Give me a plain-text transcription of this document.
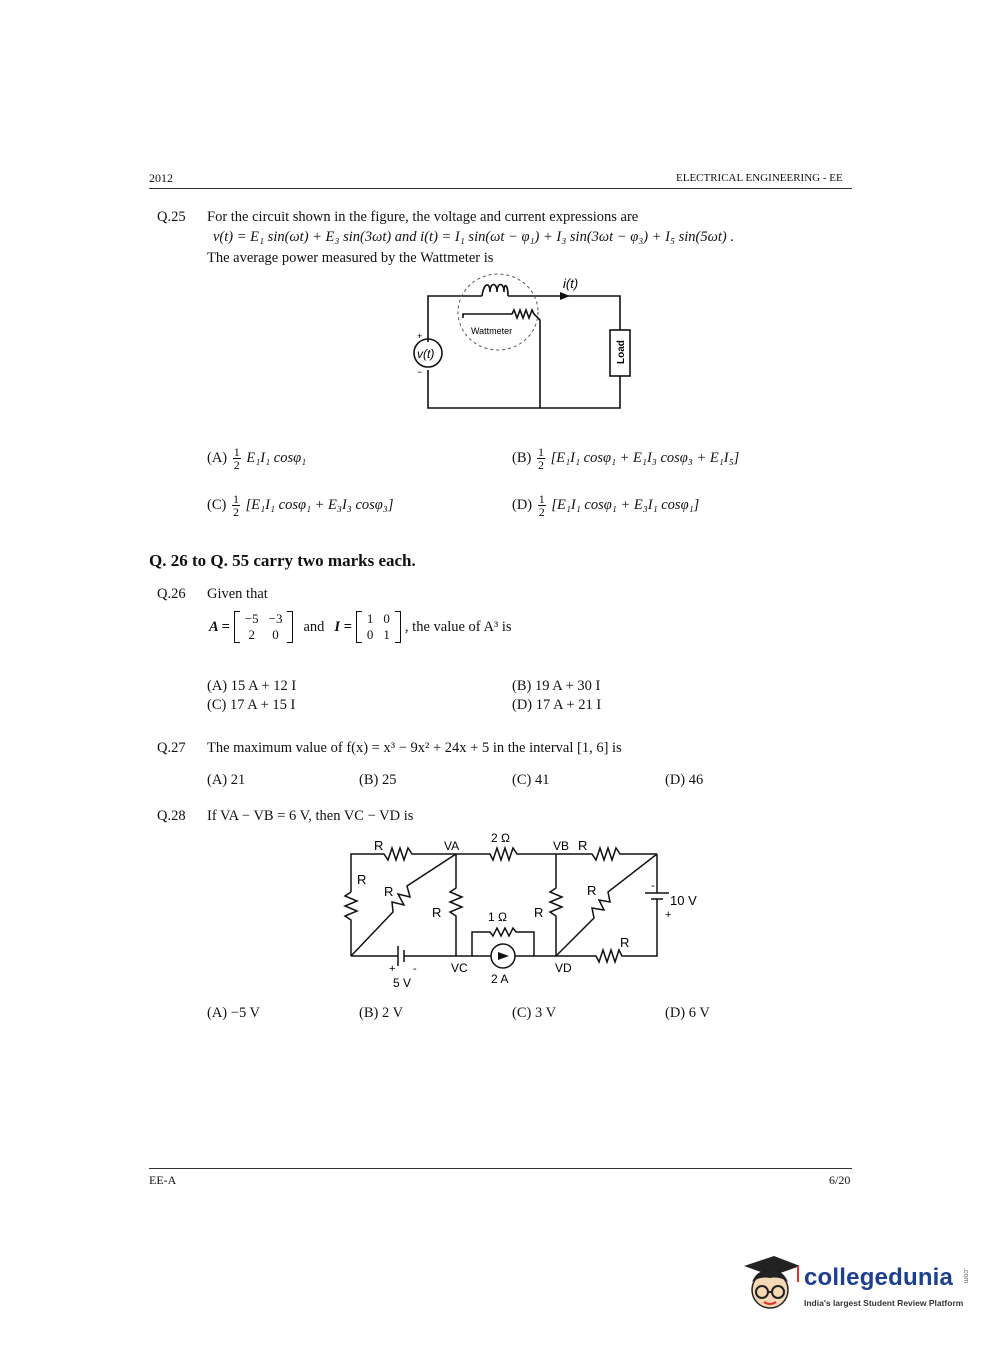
2012	ELECTRICAL ENGINEERING - EE
Q.25 For the circuit shown in the figure, the voltage and current expressions are
v(t) = E₁ sin(ωt) + E₃ sin(3ωt) and i(t) = I₁ sin(ωt − φ₁) + I₃ sin(3ωt − φ₃) + I₅ sin(5ωt) .
The average power measured by the Wattmeter is
i(t)
Wattmeter
v(t)
+
−
Load
$(A) \frac{1}{2} E_1I_1$ cosφ₁	$(B) \frac{1}{2} [E_1I_1$ cosφ₁ + E₁I₃ cosφ₃ + E₁I₅]
$(C) \frac{1}{2} [E_1I_1$ cosφ₁ + E₃I₃ cosφ₃]	$(D) \frac{1}{2} [E_1I_1$ cosφ₁ + E₃I₁ cosφ₁]
Q. 26 to Q. 55 carry two marks each.
Q.26 Given that
A =
−5	−3
2	0 and I =
1	0
0	1 , the value of A³ is
(A) 15 A + 12 I	(B) 19 A + 30 I
(C) 17 A + 15 I	(D) 17 A + 21 I
Q.27 The maximum value of f(x) = x³ − 9x² + 24x + 5 in the interval [1, 6] is
(A) 21	(B) 25	(C) 41	(D) 46
Q.28 If VA − VB = 6 V, then VC − VD is
R	VA
2 Ω
VB R
R
R
R	1 Ω R
R
R
-
10 V
+
+ -
5 V
VC
2 A
VD
(A) −5 V	(B) 2 V	(C) 3 V	(D) 6 V
EE-A	6/20
collegedunia
India's largest Student Review Platform
.com
